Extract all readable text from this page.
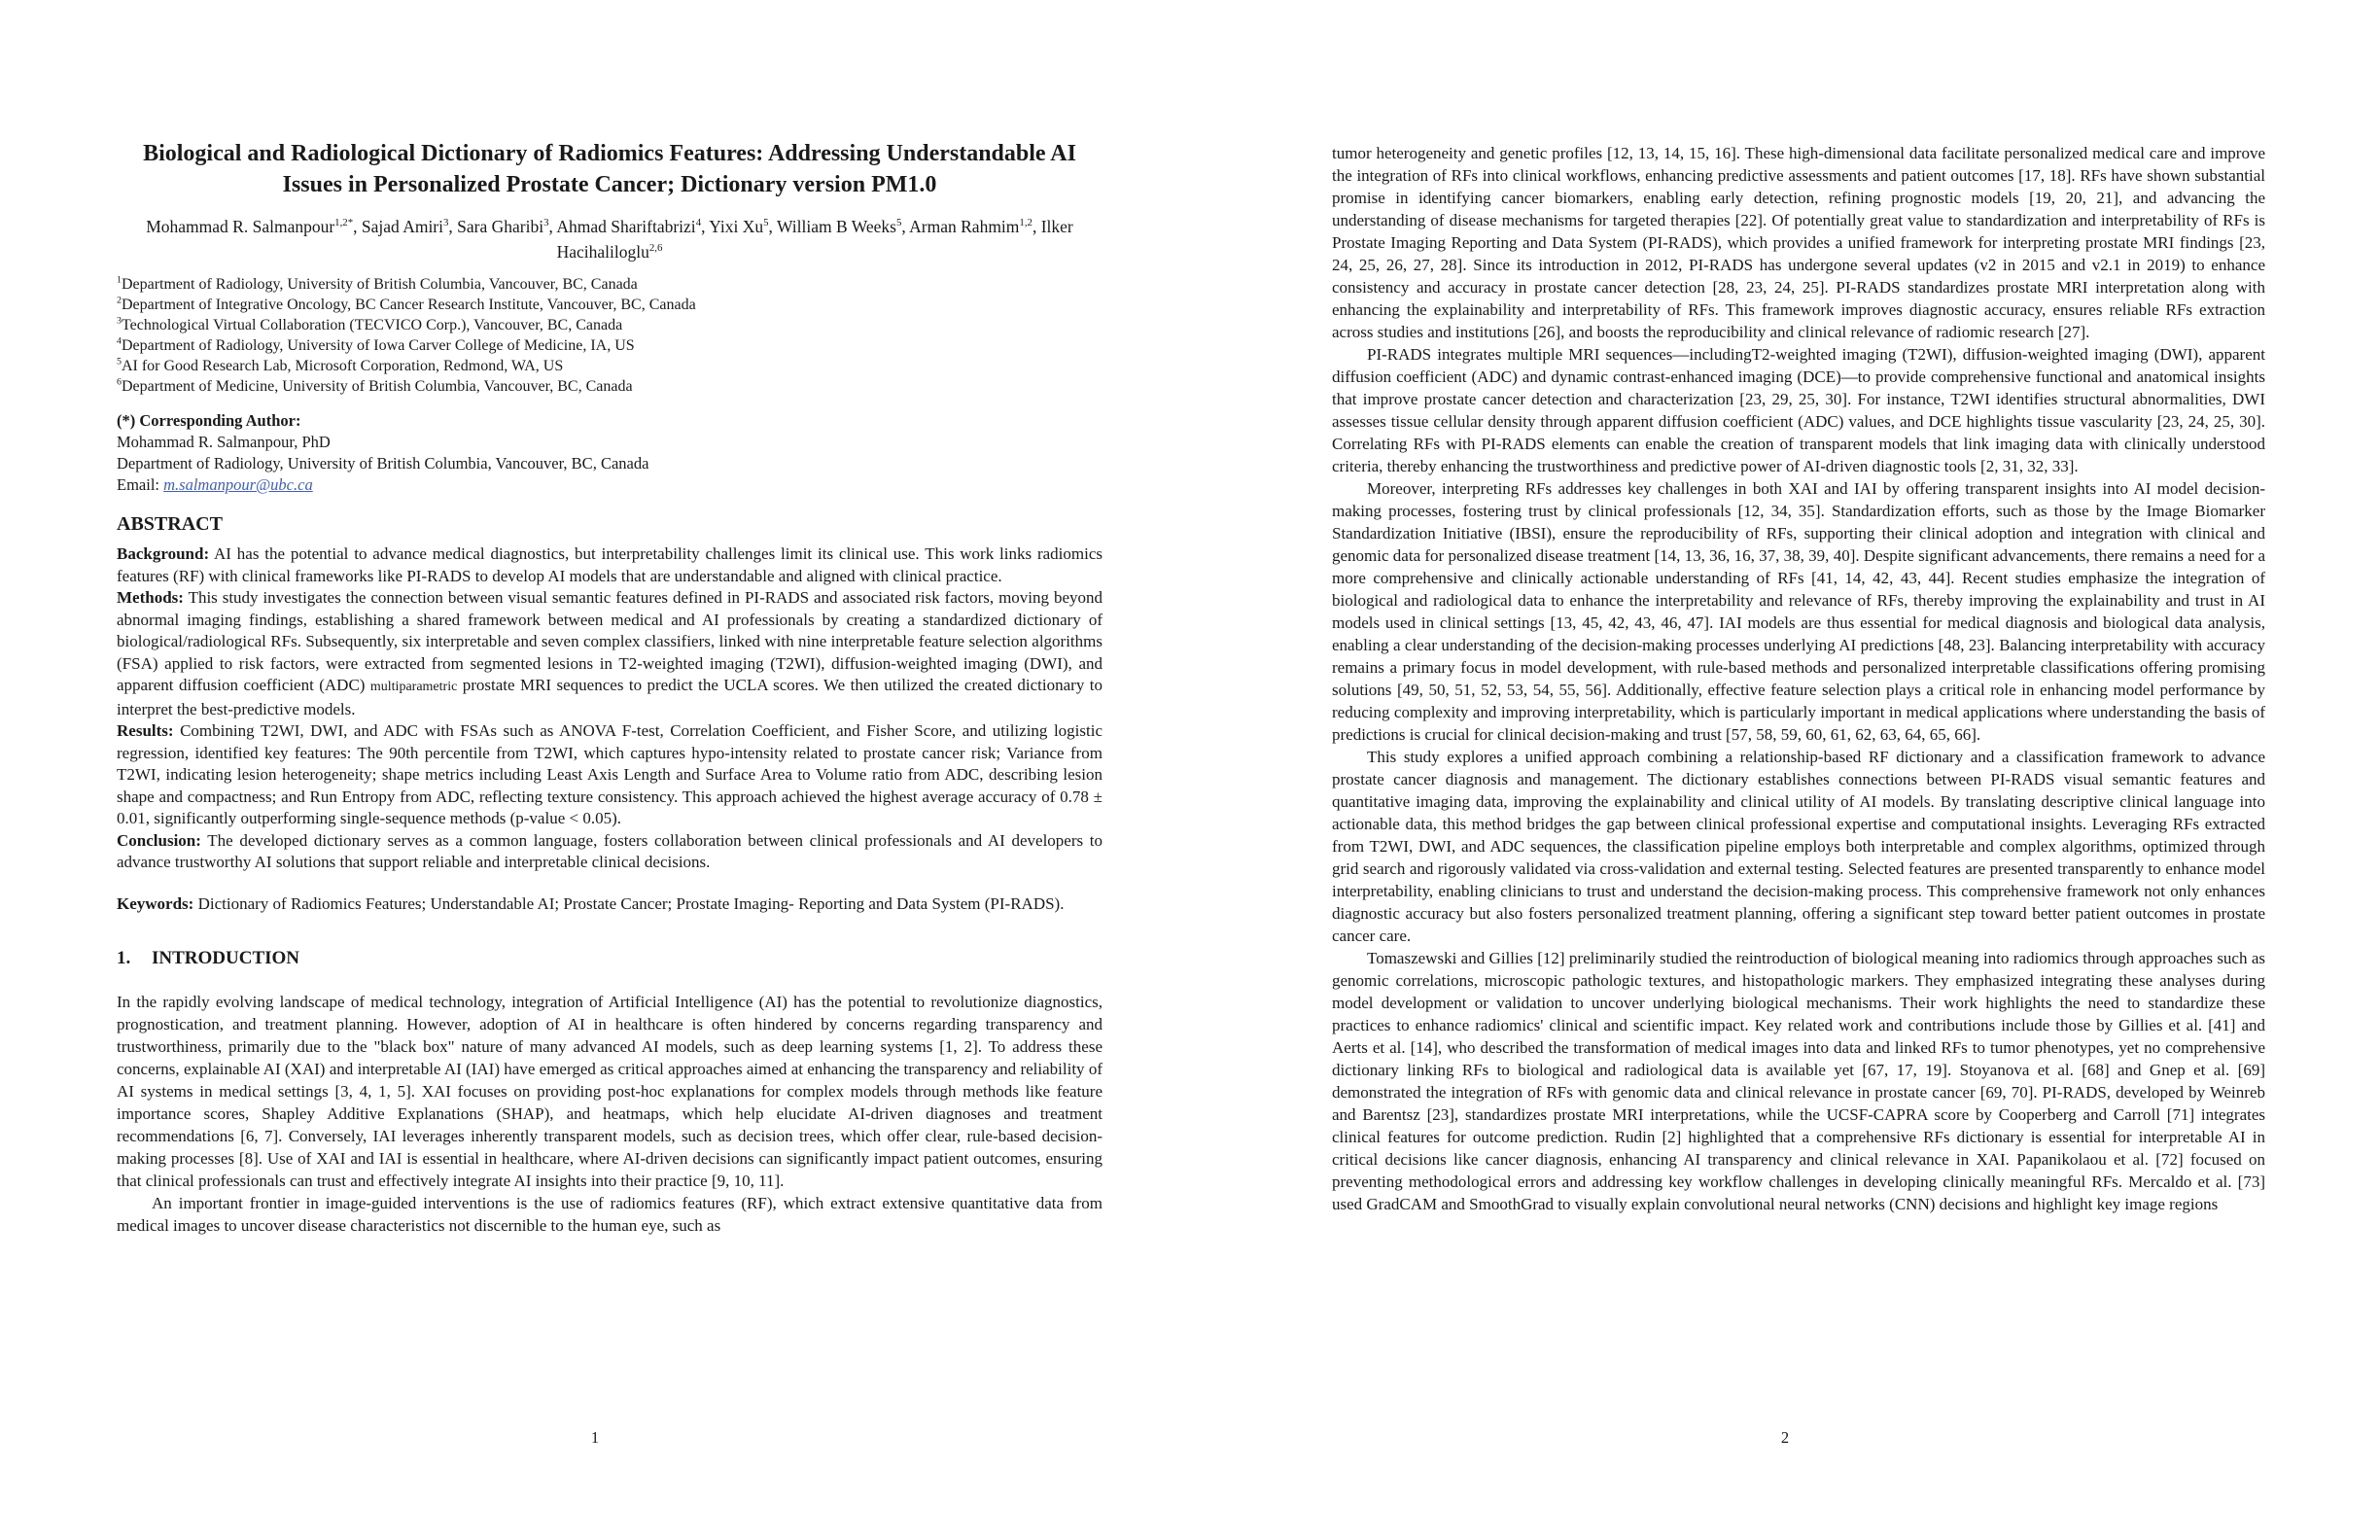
Biological and Radiological Dictionary of Radiomics Features: Addressing Understandable AI Issues in Personalized Prostate Cancer; Dictionary version PM1.0

Mohammad R. Salmanpour$^{1,2*}$, Sajad Amiri$^3$, Sara Gharibi$^3$, Ahmad Shariftabrizi$^4$, Yixi Xu$^5$, William B Weeks$^5$, Arman Rahmim$^{1,2}$, Ilker Hacihaliloglu$^{2,6}$

$^1$Department of Radiology, University of British Columbia, Vancouver, BC, Canada
$^2$Department of Integrative Oncology, BC Cancer Research Institute, Vancouver, BC, Canada
$^3$Technological Virtual Collaboration (TECVICO Corp.), Vancouver, BC, Canada
$^4$Department of Radiology, University of Iowa Carver College of Medicine, IA, US
$^5$AI for Good Research Lab, Microsoft Corporation, Redmond, WA, US
$^6$Department of Medicine, University of British Columbia, Vancouver, BC, Canada

(*) Corresponding Author:

Mohammad R. Salmanpour, PhD

Department of Radiology, University of British Columbia, Vancouver, BC, Canada

Email: m.salmanpour@ubc.ca

ABSTRACT

Background: AI has the potential to advance medical diagnostics, but interpretability challenges limit its clinical use. This work links radiomics features (RF) with clinical frameworks like PI-RADS to develop AI models that are understandable and aligned with clinical practice.

Methods: This study investigates the connection between visual semantic features defined in PI-RADS and associated risk factors, moving beyond abnormal imaging findings, establishing a shared framework between medical and AI professionals by creating a standardized dictionary of biological/radiological RFs. Subsequently, six interpretable and seven complex classifiers, linked with nine interpretable feature selection algorithms (FSA) applied to risk factors, were extracted from segmented lesions in T2-weighted imaging (T2WI), diffusion-weighted imaging (DWI), and apparent diffusion coefficient (ADC) multiparametric prostate MRI sequences to predict the UCLA scores. We then utilized the created dictionary to interpret the best-predictive models.

Results: Combining T2WI, DWI, and ADC with FSAs such as ANOVA F-test, Correlation Coefficient, and Fisher Score, and utilizing logistic regression, identified key features: The 90th percentile from T2WI, which captures hypo-intensity related to prostate cancer risk; Variance from T2WI, indicating lesion heterogeneity; shape metrics including Least Axis Length and Surface Area to Volume ratio from ADC, describing lesion shape and compactness; and Run Entropy from ADC, reflecting texture consistency. This approach achieved the highest average accuracy of 0.78 ± 0.01, significantly outperforming single-sequence methods (p-value < 0.05).

Conclusion: The developed dictionary serves as a common language, fosters collaboration between clinical professionals and AI developers to advance trustworthy AI solutions that support reliable and interpretable clinical decisions.

Keywords: Dictionary of Radiomics Features; Understandable AI; Prostate Cancer; Prostate Imaging- Reporting and Data System (PI-RADS).

1. INTRODUCTION

In the rapidly evolving landscape of medical technology, integration of Artificial Intelligence (AI) has the potential to revolutionize diagnostics, prognostication, and treatment planning. However, adoption of AI in healthcare is often hindered by concerns regarding transparency and trustworthiness, primarily due to the "black box" nature of many advanced AI models, such as deep learning systems [1, 2]. To address these concerns, explainable AI (XAI) and interpretable AI (IAI) have emerged as critical approaches aimed at enhancing the transparency and reliability of AI systems in medical settings [3, 4, 1, 5]. XAI focuses on providing post-hoc explanations for complex models through methods like feature importance scores, Shapley Additive Explanations (SHAP), and heatmaps, which help elucidate AI-driven diagnoses and treatment recommendations [6, 7]. Conversely, IAI leverages inherently transparent models, such as decision trees, which offer clear, rule-based decision-making processes [8]. Use of XAI and IAI is essential in healthcare, where AI-driven decisions can significantly impact patient outcomes, ensuring that clinical professionals can trust and effectively integrate AI insights into their practice [9, 10, 11].

An important frontier in image-guided interventions is the use of radiomics features (RF), which extract extensive quantitative data from medical images to uncover disease characteristics not discernible to the human eye, such as

1

tumor heterogeneity and genetic profiles [12, 13, 14, 15, 16]. These high-dimensional data facilitate personalized medical care and improve the integration of RFs into clinical workflows, enhancing predictive assessments and patient outcomes [17, 18]. RFs have shown substantial promise in identifying cancer biomarkers, enabling early detection, refining prognostic models [19, 20, 21], and advancing the understanding of disease mechanisms for targeted therapies [22]. Of potentially great value to standardization and interpretability of RFs is Prostate Imaging Reporting and Data System (PI-RADS), which provides a unified framework for interpreting prostate MRI findings [23, 24, 25, 26, 27, 28]. Since its introduction in 2012, PI-RADS has undergone several updates (v2 in 2015 and v2.1 in 2019) to enhance consistency and accuracy in prostate cancer detection [28, 23, 24, 25]. PI-RADS standardizes prostate MRI interpretation along with enhancing the explainability and interpretability of RFs. This framework improves diagnostic accuracy, ensures reliable RFs extraction across studies and institutions [26], and boosts the reproducibility and clinical relevance of radiomic research [27].

PI-RADS integrates multiple MRI sequences—includingT2-weighted imaging (T2WI), diffusion-weighted imaging (DWI), apparent diffusion coefficient (ADC) and dynamic contrast-enhanced imaging (DCE)—to provide comprehensive functional and anatomical insights that improve prostate cancer detection and characterization [23, 29, 25, 30]. For instance, T2WI identifies structural abnormalities, DWI assesses tissue cellular density through apparent diffusion coefficient (ADC) values, and DCE highlights tissue vascularity [23, 24, 25, 30]. Correlating RFs with PI-RADS elements can enable the creation of transparent models that link imaging data with clinically understood criteria, thereby enhancing the trustworthiness and predictive power of AI-driven diagnostic tools [2, 31, 32, 33].

Moreover, interpreting RFs addresses key challenges in both XAI and IAI by offering transparent insights into AI model decision-making processes, fostering trust by clinical professionals [12, 34, 35]. Standardization efforts, such as those by the Image Biomarker Standardization Initiative (IBSI), ensure the reproducibility of RFs, supporting their clinical adoption and integration with clinical and genomic data for personalized disease treatment [14, 13, 36, 16, 37, 38, 39, 40]. Despite significant advancements, there remains a need for a more comprehensive and clinically actionable understanding of RFs [41, 14, 42, 43, 44]. Recent studies emphasize the integration of biological and radiological data to enhance the interpretability and relevance of RFs, thereby improving the explainability and trust in AI models used in clinical settings [13, 45, 42, 43, 46, 47]. IAI models are thus essential for medical diagnosis and biological data analysis, enabling a clear understanding of the decision-making processes underlying AI predictions [48, 23]. Balancing interpretability with accuracy remains a primary focus in model development, with rule-based methods and personalized interpretable classifications offering promising solutions [49, 50, 51, 52, 53, 54, 55, 56]. Additionally, effective feature selection plays a critical role in enhancing model performance by reducing complexity and improving interpretability, which is particularly important in medical applications where understanding the basis of predictions is crucial for clinical decision-making and trust [57, 58, 59, 60, 61, 62, 63, 64, 65, 66].

This study explores a unified approach combining a relationship-based RF dictionary and a classification framework to advance prostate cancer diagnosis and management. The dictionary establishes connections between PI-RADS visual semantic features and quantitative imaging data, improving the explainability and clinical utility of AI models. By translating descriptive clinical language into actionable data, this method bridges the gap between clinical professional expertise and computational insights. Leveraging RFs extracted from T2WI, DWI, and ADC sequences, the classification pipeline employs both interpretable and complex algorithms, optimized through grid search and rigorously validated via cross-validation and external testing. Selected features are presented transparently to enhance model interpretability, enabling clinicians to trust and understand the decision-making process. This comprehensive framework not only enhances diagnostic accuracy but also fosters personalized treatment planning, offering a significant step toward better patient outcomes in prostate cancer care.

Tomaszewski and Gillies [12] preliminarily studied the reintroduction of biological meaning into radiomics through approaches such as genomic correlations, microscopic pathologic textures, and histopathologic markers. They emphasized integrating these analyses during model development or validation to uncover underlying biological mechanisms. Their work highlights the need to standardize these practices to enhance radiomics' clinical and scientific impact. Key related work and contributions include those by Gillies et al. [41] and Aerts et al. [14], who described the transformation of medical images into data and linked RFs to tumor phenotypes, yet no comprehensive dictionary linking RFs to biological and radiological data is available yet [67, 17, 19]. Stoyanova et al. [68] and Gnep et al. [69] demonstrated the integration of RFs with genomic data and clinical relevance in prostate cancer [69, 70]. PI-RADS, developed by Weinreb and Barentsz [23], standardizes prostate MRI interpretations, while the UCSF-CAPRA score by Cooperberg and Carroll [71] integrates clinical features for outcome prediction. Rudin [2] highlighted that a comprehensive RFs dictionary is essential for interpretable AI in critical decisions like cancer diagnosis, enhancing AI transparency and clinical relevance in XAI. Papanikolaou et al. [72] focused on preventing methodological errors and addressing key workflow challenges in developing clinically meaningful RFs. Mercaldo et al. [73] used GradCAM and SmoothGrad to visually explain convolutional neural networks (CNN) decisions and highlight key image regions

2
